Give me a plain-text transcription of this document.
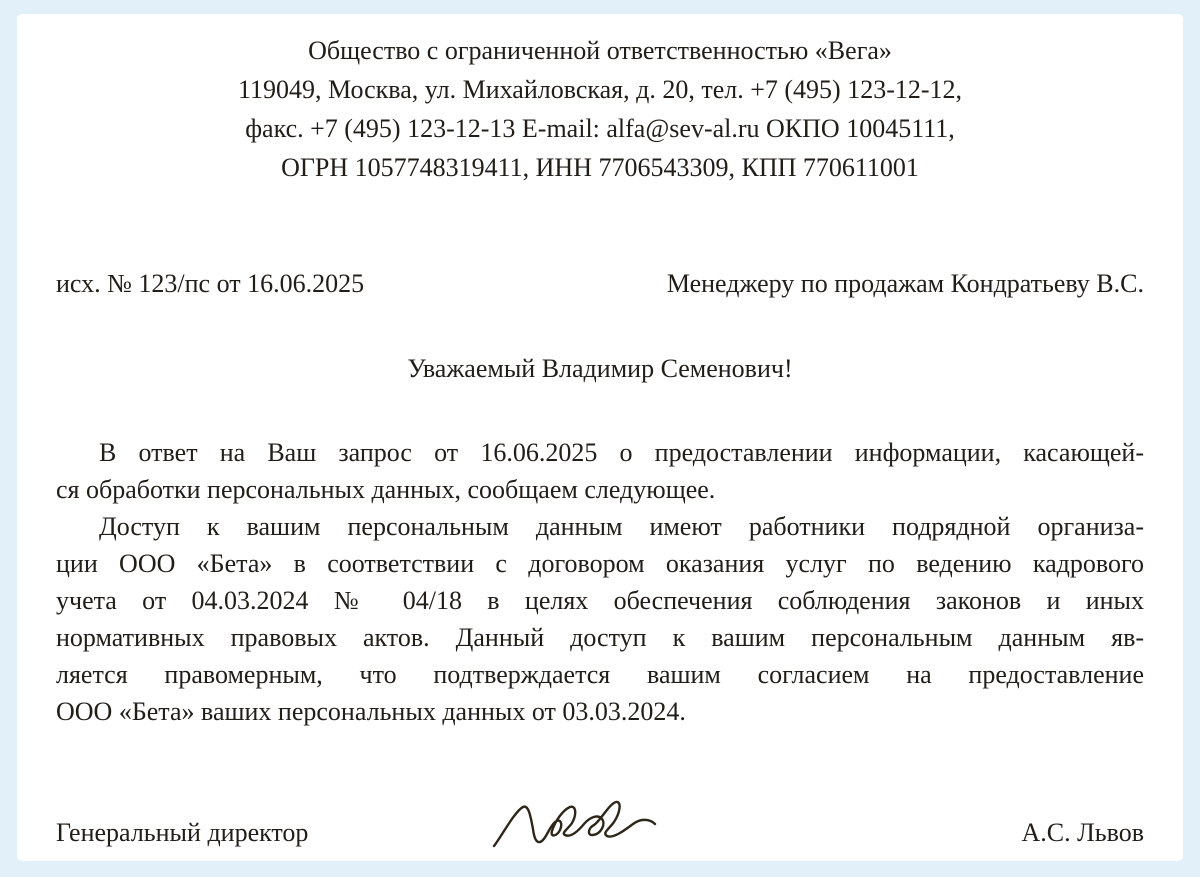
Общество с ограниченной ответственностью «Вега»
119049, Москва, ул. Михайловская, д. 20, тел. +7 (495) 123-12-12,
факс. +7 (495) 123-12-13 E-mail: alfa@sev-al.ru ОКПО 10045111,
ОГРН 1057748319411, ИНН 7706543309, КПП 770611001
исх. № 123/пс от 16.06.2025	Менеджеру по продажам Кондратьеву В.С.
Уважаемый Владимир Семенович!
В ответ на Ваш запрос от 16.06.2025 о предоставлении информации, касающей-
ся обработки персональных данных, сообщаем следующее.
Доступ к вашим персональным данным имеют работники подрядной организа-
ции ООО «Бета» в соответствии с договором оказания услуг по ведению кадрового
учета от 04.03.2024 № 04/18 в целях обеспечения соблюдения законов и иных
нормативных правовых актов. Данный доступ к вашим персональным данным яв-
ляется правомерным, что подтверждается вашим согласием на предоставление
ООО «Бета» ваших персональных данных от 03.03.2024.
Генеральный директор	А.С. Львов
